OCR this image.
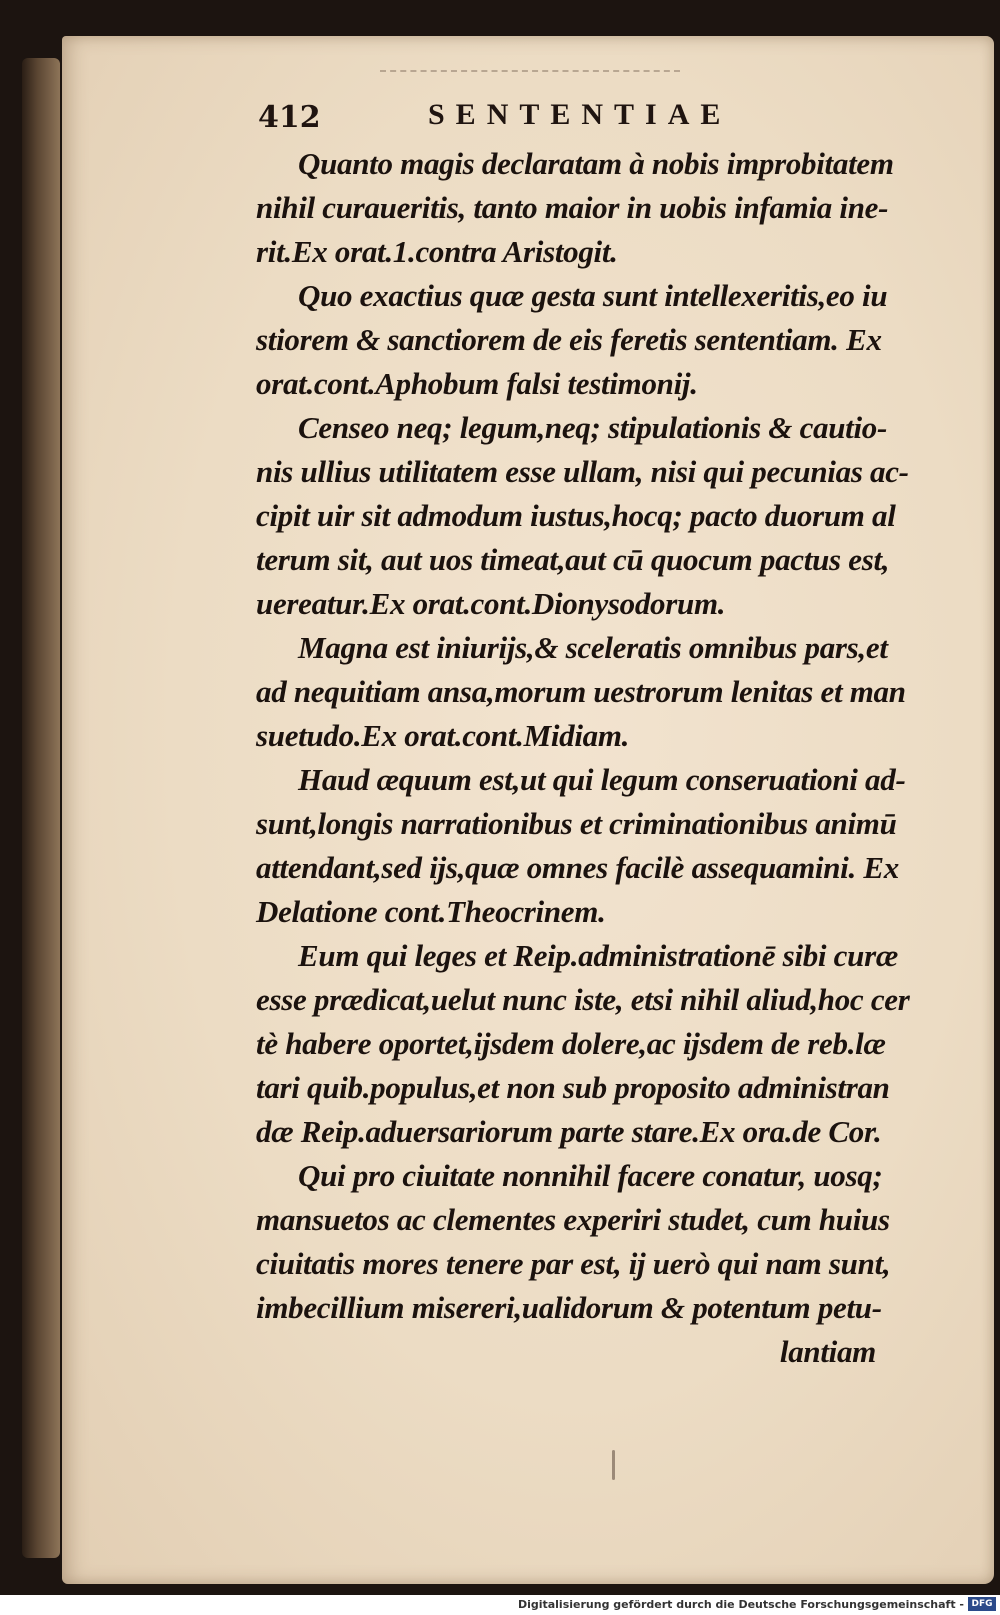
412	SENTENTIAE
Quanto magis declaratam à nobis improbitatem
nihil curaueritis, tanto maior in uobis infamia ine-
rit.Ex orat.1.contra Aristogit.
Quo exactius quæ gesta sunt intellexeritis,eo iu
stiorem & sanctiorem de eis feretis sententiam. Ex
orat.cont.Aphobum falsi testimonij.
Censeo neq; legum,neq; stipulationis & cautio-
nis ullius utilitatem esse ullam, nisi qui pecunias ac-
cipit uir sit admodum iustus,hocq; pacto duorum al
terum sit, aut uos timeat,aut cū quocum pactus est,
uereatur.Ex orat.cont.Dionysodorum.
Magna est iniurijs,& sceleratis omnibus pars,et
ad nequitiam ansa,morum uestrorum lenitas et man
suetudo.Ex orat.cont.Midiam.
Haud æquum est,ut qui legum conseruationi ad-
sunt,longis narrationibus et criminationibus animū
attendant,sed ijs,quæ omnes facilè assequamini. Ex
Delatione cont.Theocrinem.
Eum qui leges et Reip.administrationē sibi curæ
esse prædicat,uelut nunc iste, etsi nihil aliud,hoc cer
tè habere oportet,ijsdem dolere,ac ijsdem de reb.læ
tari quib.populus,et non sub proposito administran
dæ Reip.aduersariorum parte stare.Ex ora.de Cor.
Qui pro ciuitate nonnihil facere conatur, uosq;
mansuetos ac clementes experiri studet, cum huius
ciuitatis mores tenere par est, ij uerò qui nam sunt,
imbecillium misereri,ualidorum & potentum petu-
lantiam
Digitalisierung gefördert durch die Deutsche Forschungsgemeinschaft - DFG
